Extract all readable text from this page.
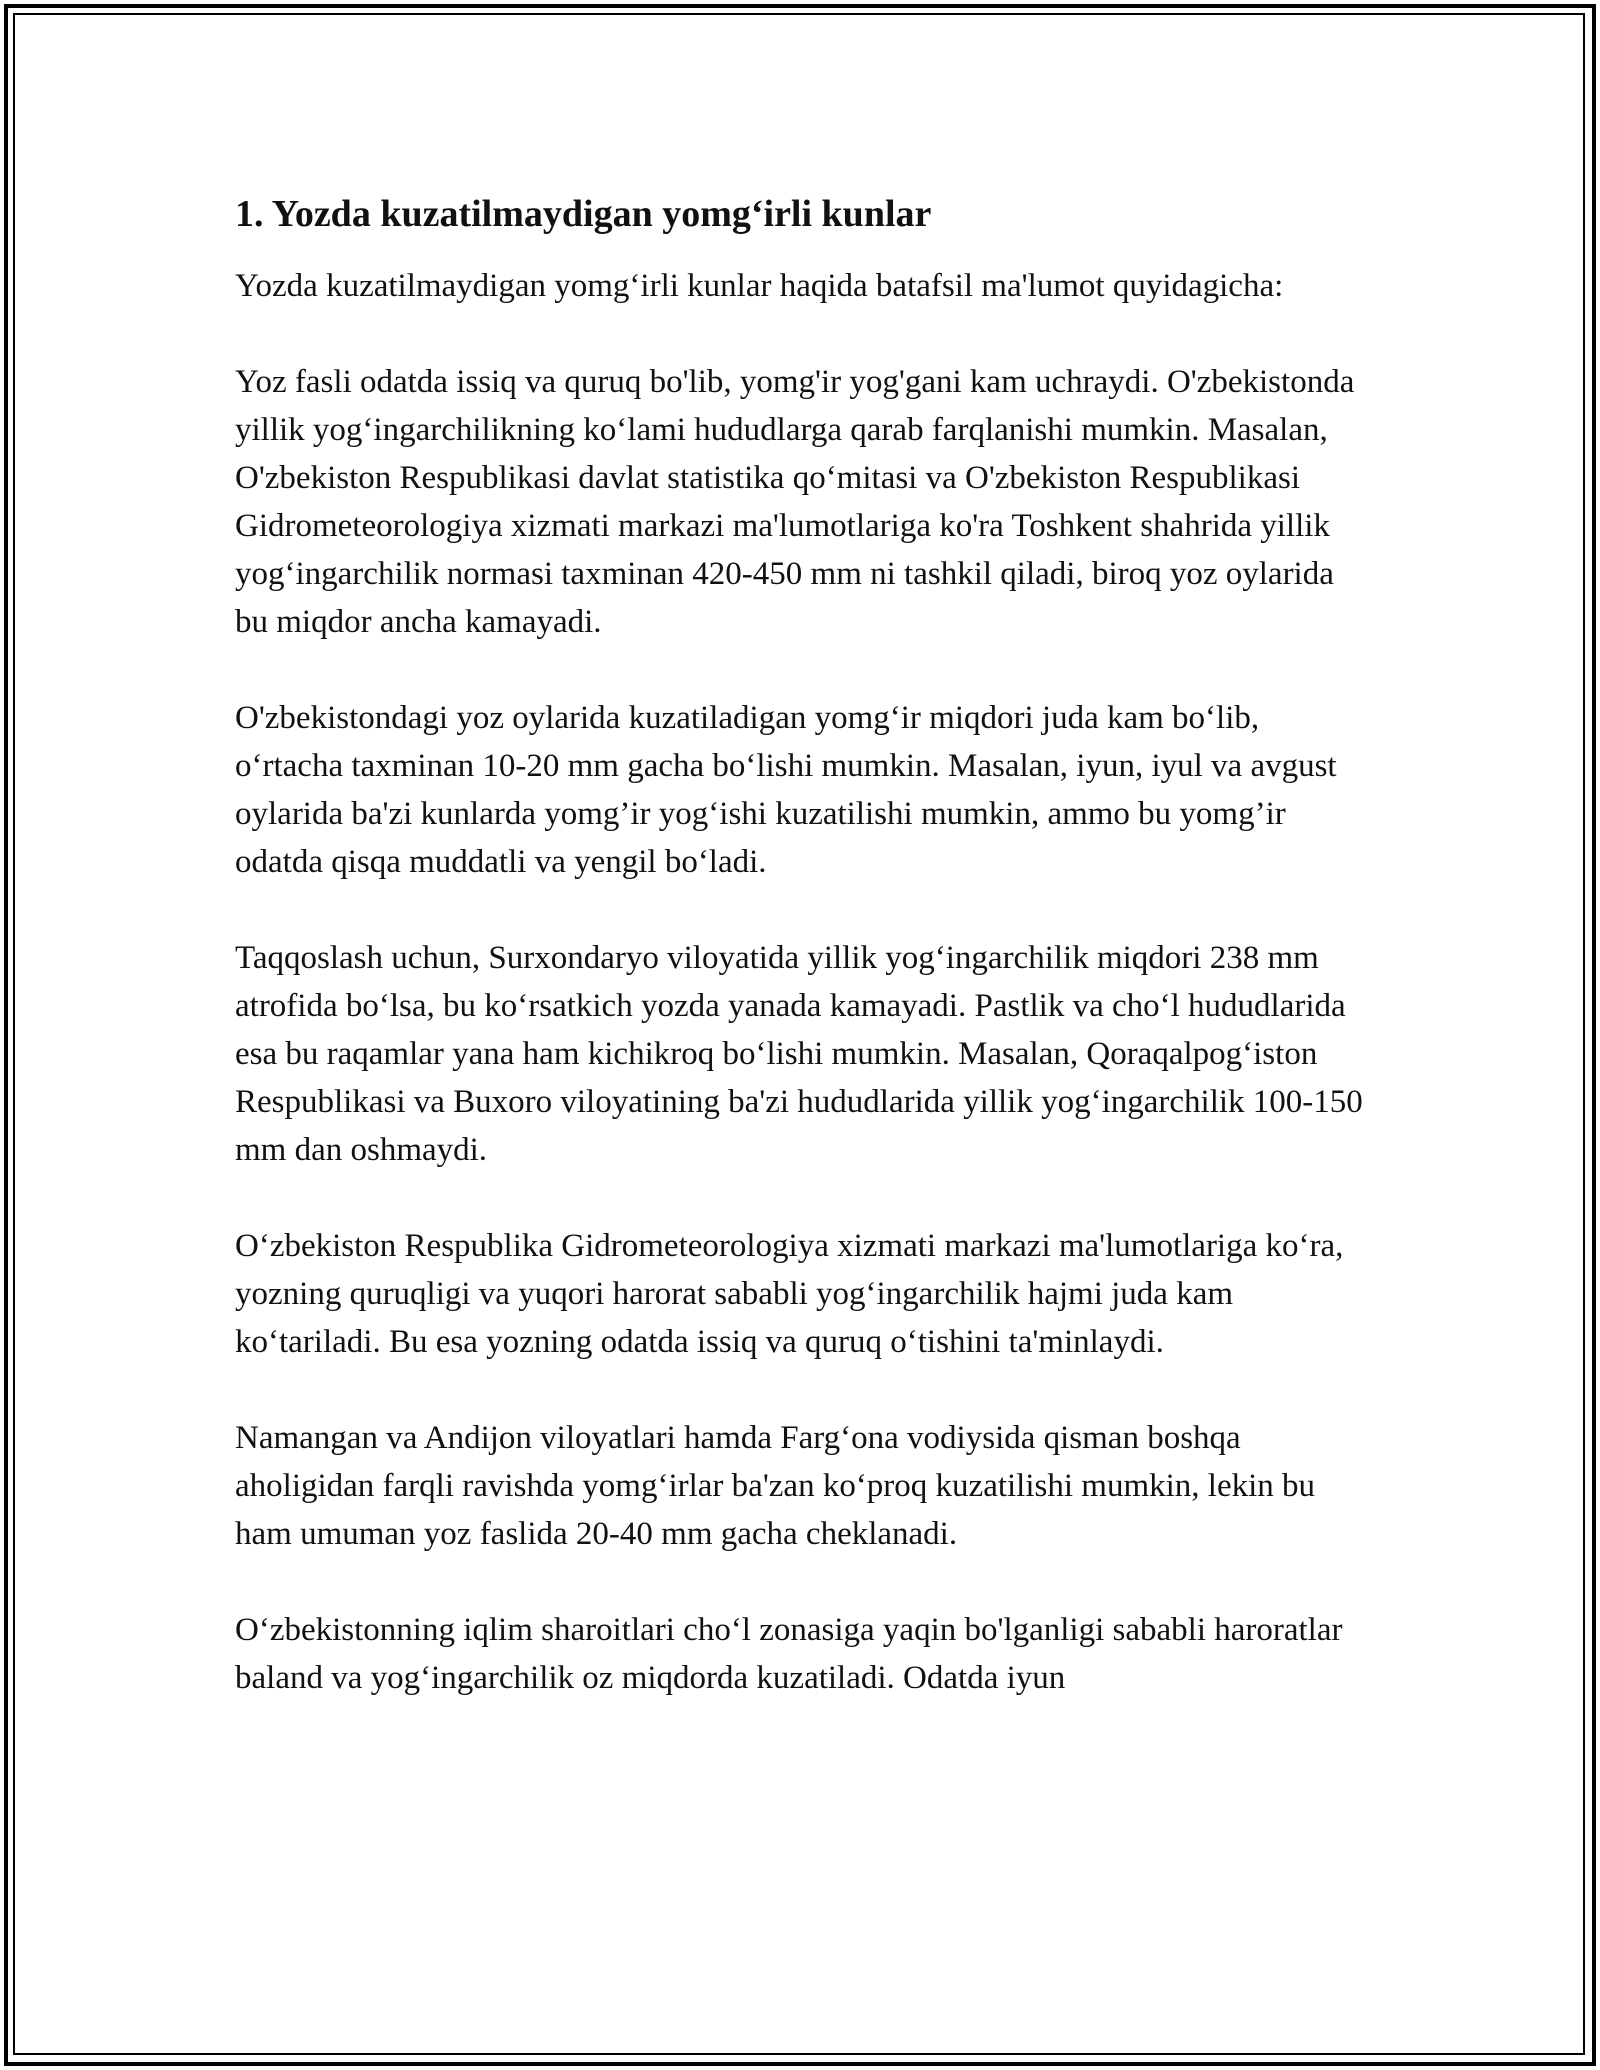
1. Yozda kuzatilmaydigan yomg‘irli kunlar

Yozda kuzatilmaydigan yomg‘irli kunlar haqida batafsil ma'lumot quyidagicha:

Yoz fasli odatda issiq va quruq bo'lib, yomg'ir yog'gani kam uchraydi. O'zbekistonda yillik yog‘ingarchilikning ko‘lami hududlarga qarab farqlanishi mumkin. Masalan, O'zbekiston Respublikasi davlat statistika qo‘mitasi va O'zbekiston Respublikasi Gidrometeorologiya xizmati markazi ma'lumotlariga ko'ra Toshkent shahrida yillik yog‘ingarchilik normasi taxminan 420-450 mm ni tashkil qiladi, biroq yoz oylarida bu miqdor ancha kamayadi.

O'zbekistondagi yoz oylarida kuzatiladigan yomg‘ir miqdori juda kam bo‘lib, o‘rtacha taxminan 10-20 mm gacha bo‘lishi mumkin. Masalan, iyun, iyul va avgust oylarida ba'zi kunlarda yomg’ir yog‘ishi kuzatilishi mumkin, ammo bu yomg’ir odatda qisqa muddatli va yengil bo‘ladi.

Taqqoslash uchun, Surxondaryo viloyatida yillik yog‘ingarchilik miqdori 238 mm atrofida bo‘lsa, bu ko‘rsatkich yozda yanada kamayadi. Pastlik va cho‘l hududlarida esa bu raqamlar yana ham kichikroq bo‘lishi mumkin. Masalan, Qoraqalpog‘iston Respublikasi va Buxoro viloyatining ba'zi hududlarida yillik yog‘ingarchilik 100-150 mm dan oshmaydi.

O‘zbekiston Respublika Gidrometeorologiya xizmati markazi ma'lumotlariga ko‘ra, yozning quruqligi va yuqori harorat sababli yog‘ingarchilik hajmi juda kam ko‘tariladi. Bu esa yozning odatda issiq va quruq o‘tishini ta'minlaydi.

Namangan va Andijon viloyatlari hamda Farg‘ona vodiysida qisman boshqa aholigidan farqli ravishda yomg‘irlar ba'zan ko‘proq kuzatilishi mumkin, lekin bu ham umuman yoz faslida 20-40 mm gacha cheklanadi.

O‘zbekistonning iqlim sharoitlari cho‘l zonasiga yaqin bo'lganligi sababli haroratlar baland va yog‘ingarchilik oz miqdorda kuzatiladi. Odatda iyun
